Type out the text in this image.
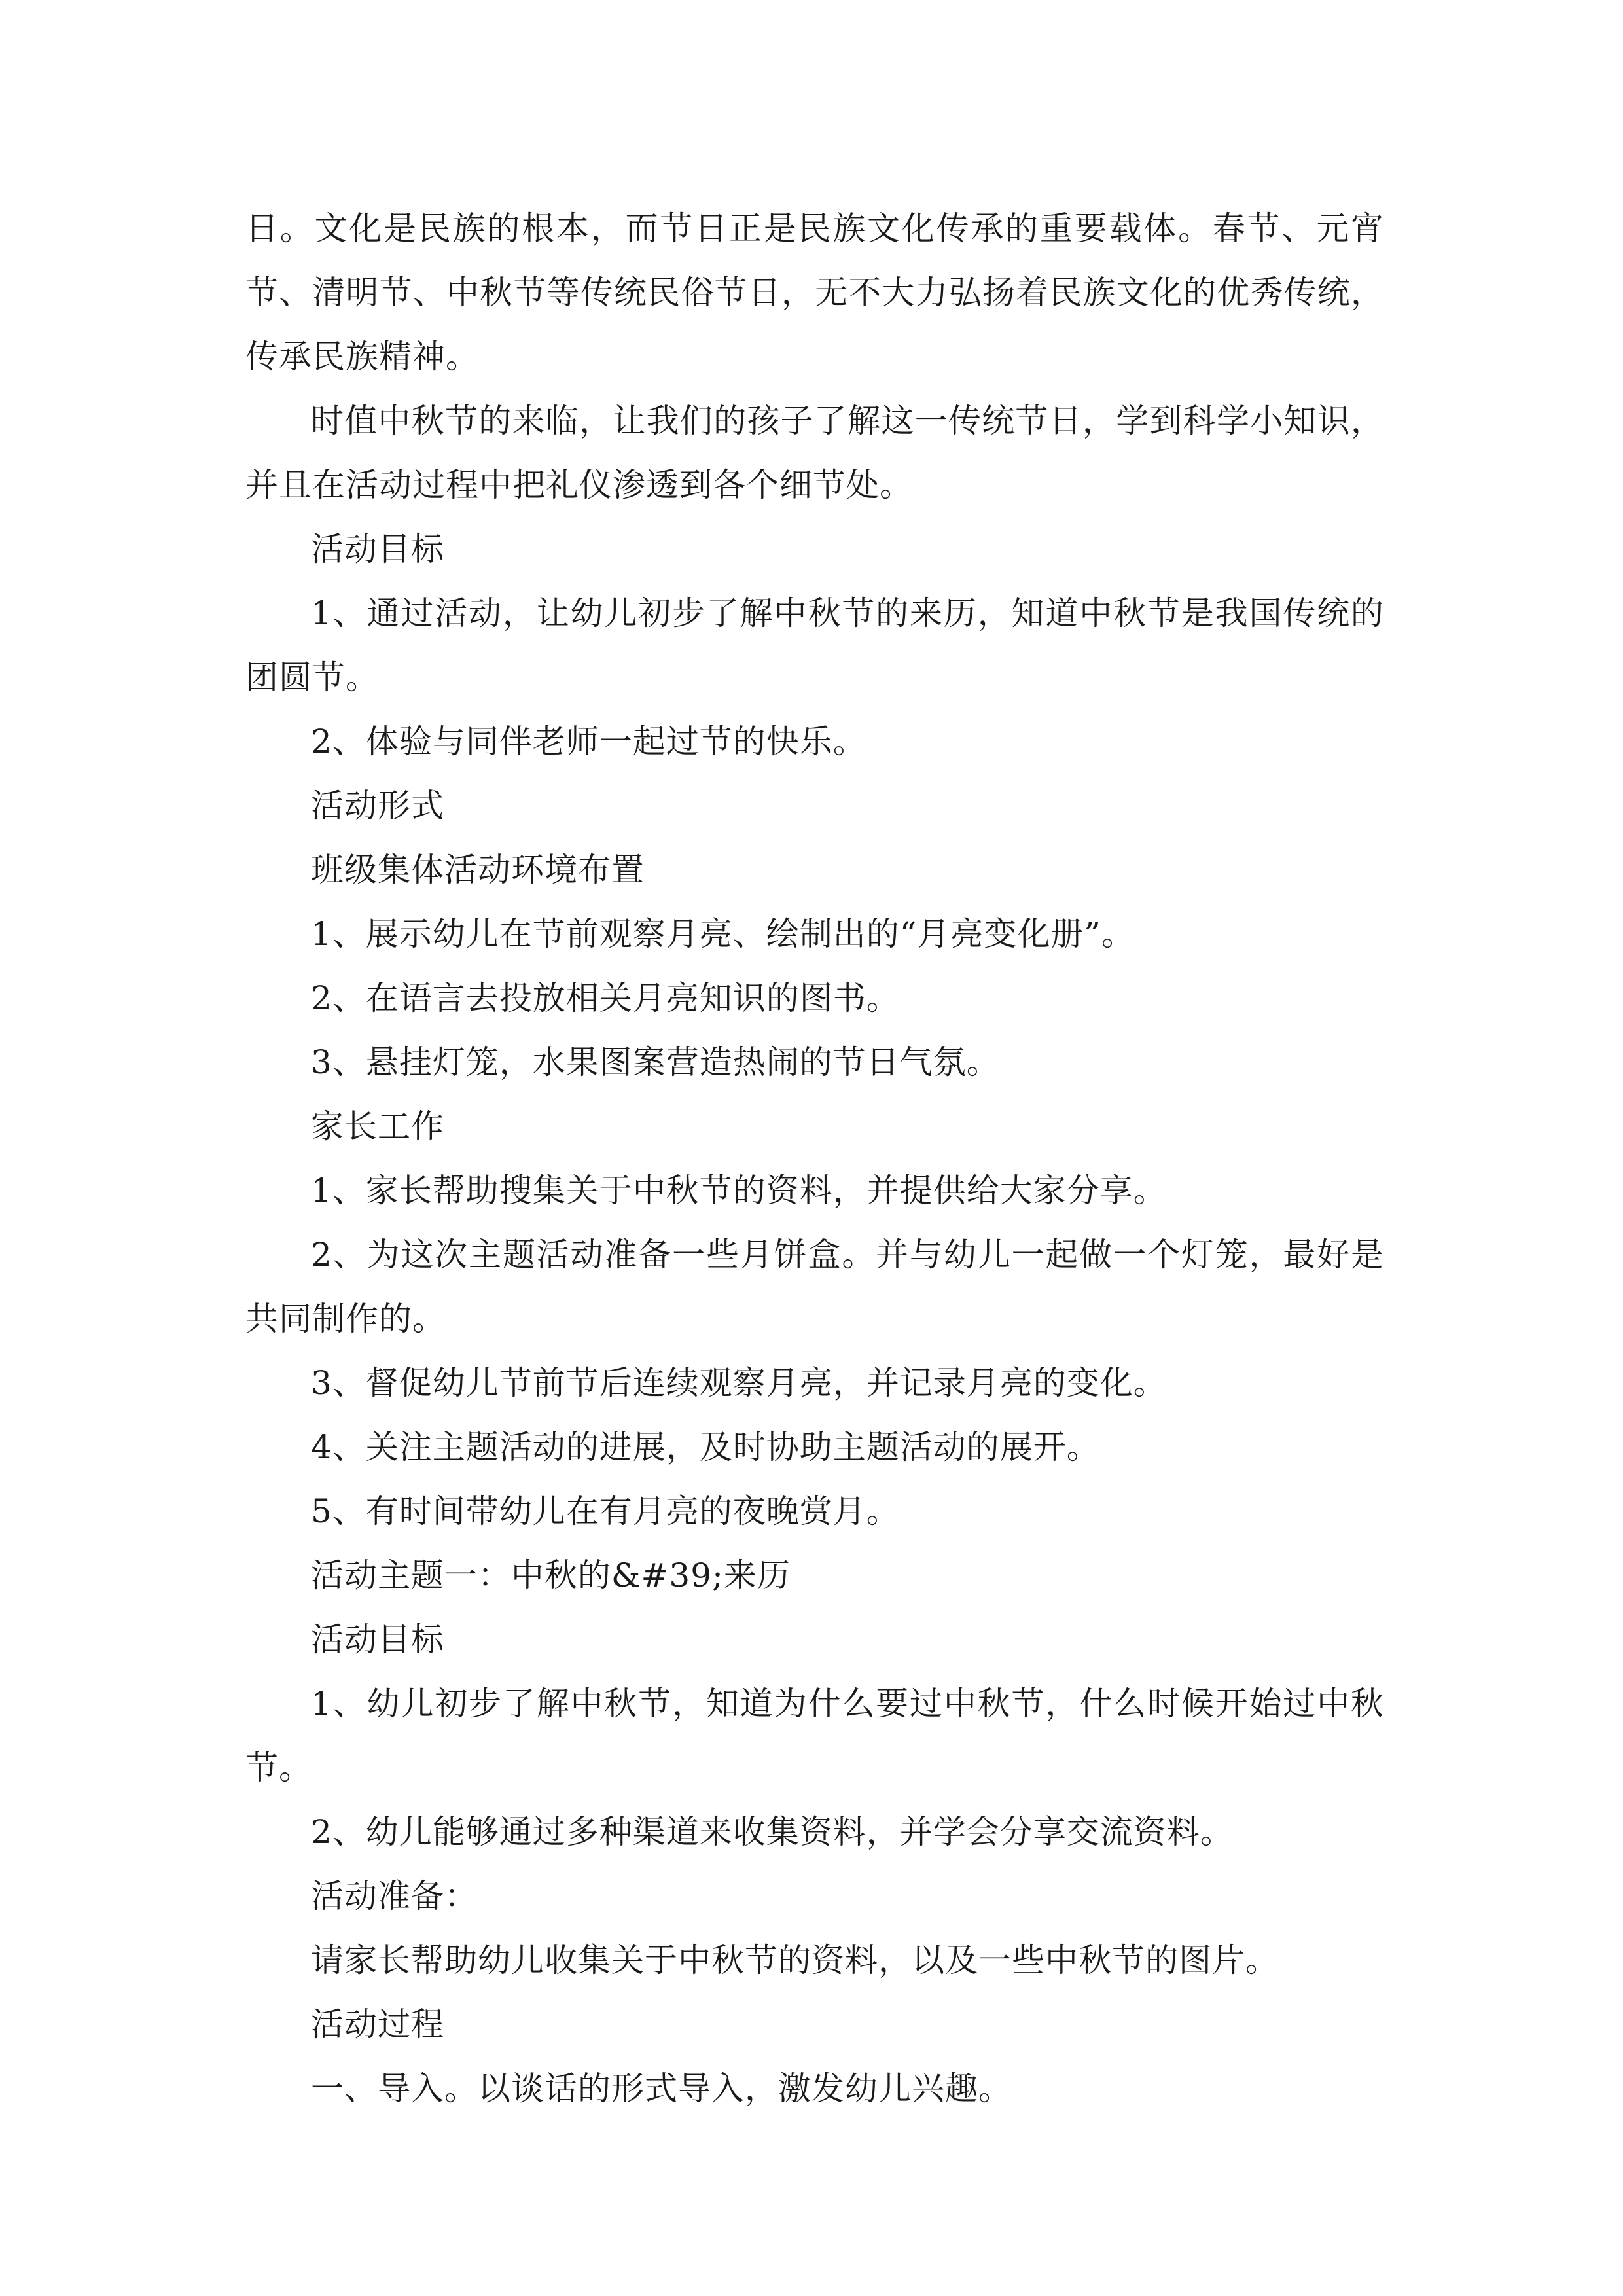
日。文化是民族的根本，而节日正是民族文化传承的重要载体。春节、元宵节、清明节、中秋节等传统民俗节日，无不大力弘扬着民族文化的优秀传统，传承民族精神。

时值中秋节的来临，让我们的孩子了解这一传统节日，学到科学小知识，并且在活动过程中把礼仪渗透到各个细节处。

活动目标

1、通过活动，让幼儿初步了解中秋节的来历，知道中秋节是我国传统的团圆节。

2、体验与同伴老师一起过节的快乐。

活动形式

班级集体活动环境布置

1、展示幼儿在节前观察月亮、绘制出的“月亮变化册”。

2、在语言去投放相关月亮知识的图书。

3、悬挂灯笼，水果图案营造热闹的节日气氛。

家长工作

1、家长帮助搜集关于中秋节的资料，并提供给大家分享。

2、为这次主题活动准备一些月饼盒。并与幼儿一起做一个灯笼，最好是共同制作的。

3、督促幼儿节前节后连续观察月亮，并记录月亮的变化。

4、关注主题活动的进展，及时协助主题活动的展开。

5、有时间带幼儿在有月亮的夜晚赏月。

活动主题一：中秋的&#39;来历

活动目标

1、幼儿初步了解中秋节，知道为什么要过中秋节，什么时候开始过中秋节。

2、幼儿能够通过多种渠道来收集资料，并学会分享交流资料。

活动准备：

请家长帮助幼儿收集关于中秋节的资料，以及一些中秋节的图片。

活动过程

一、导入。以谈话的形式导入，激发幼儿兴趣。
